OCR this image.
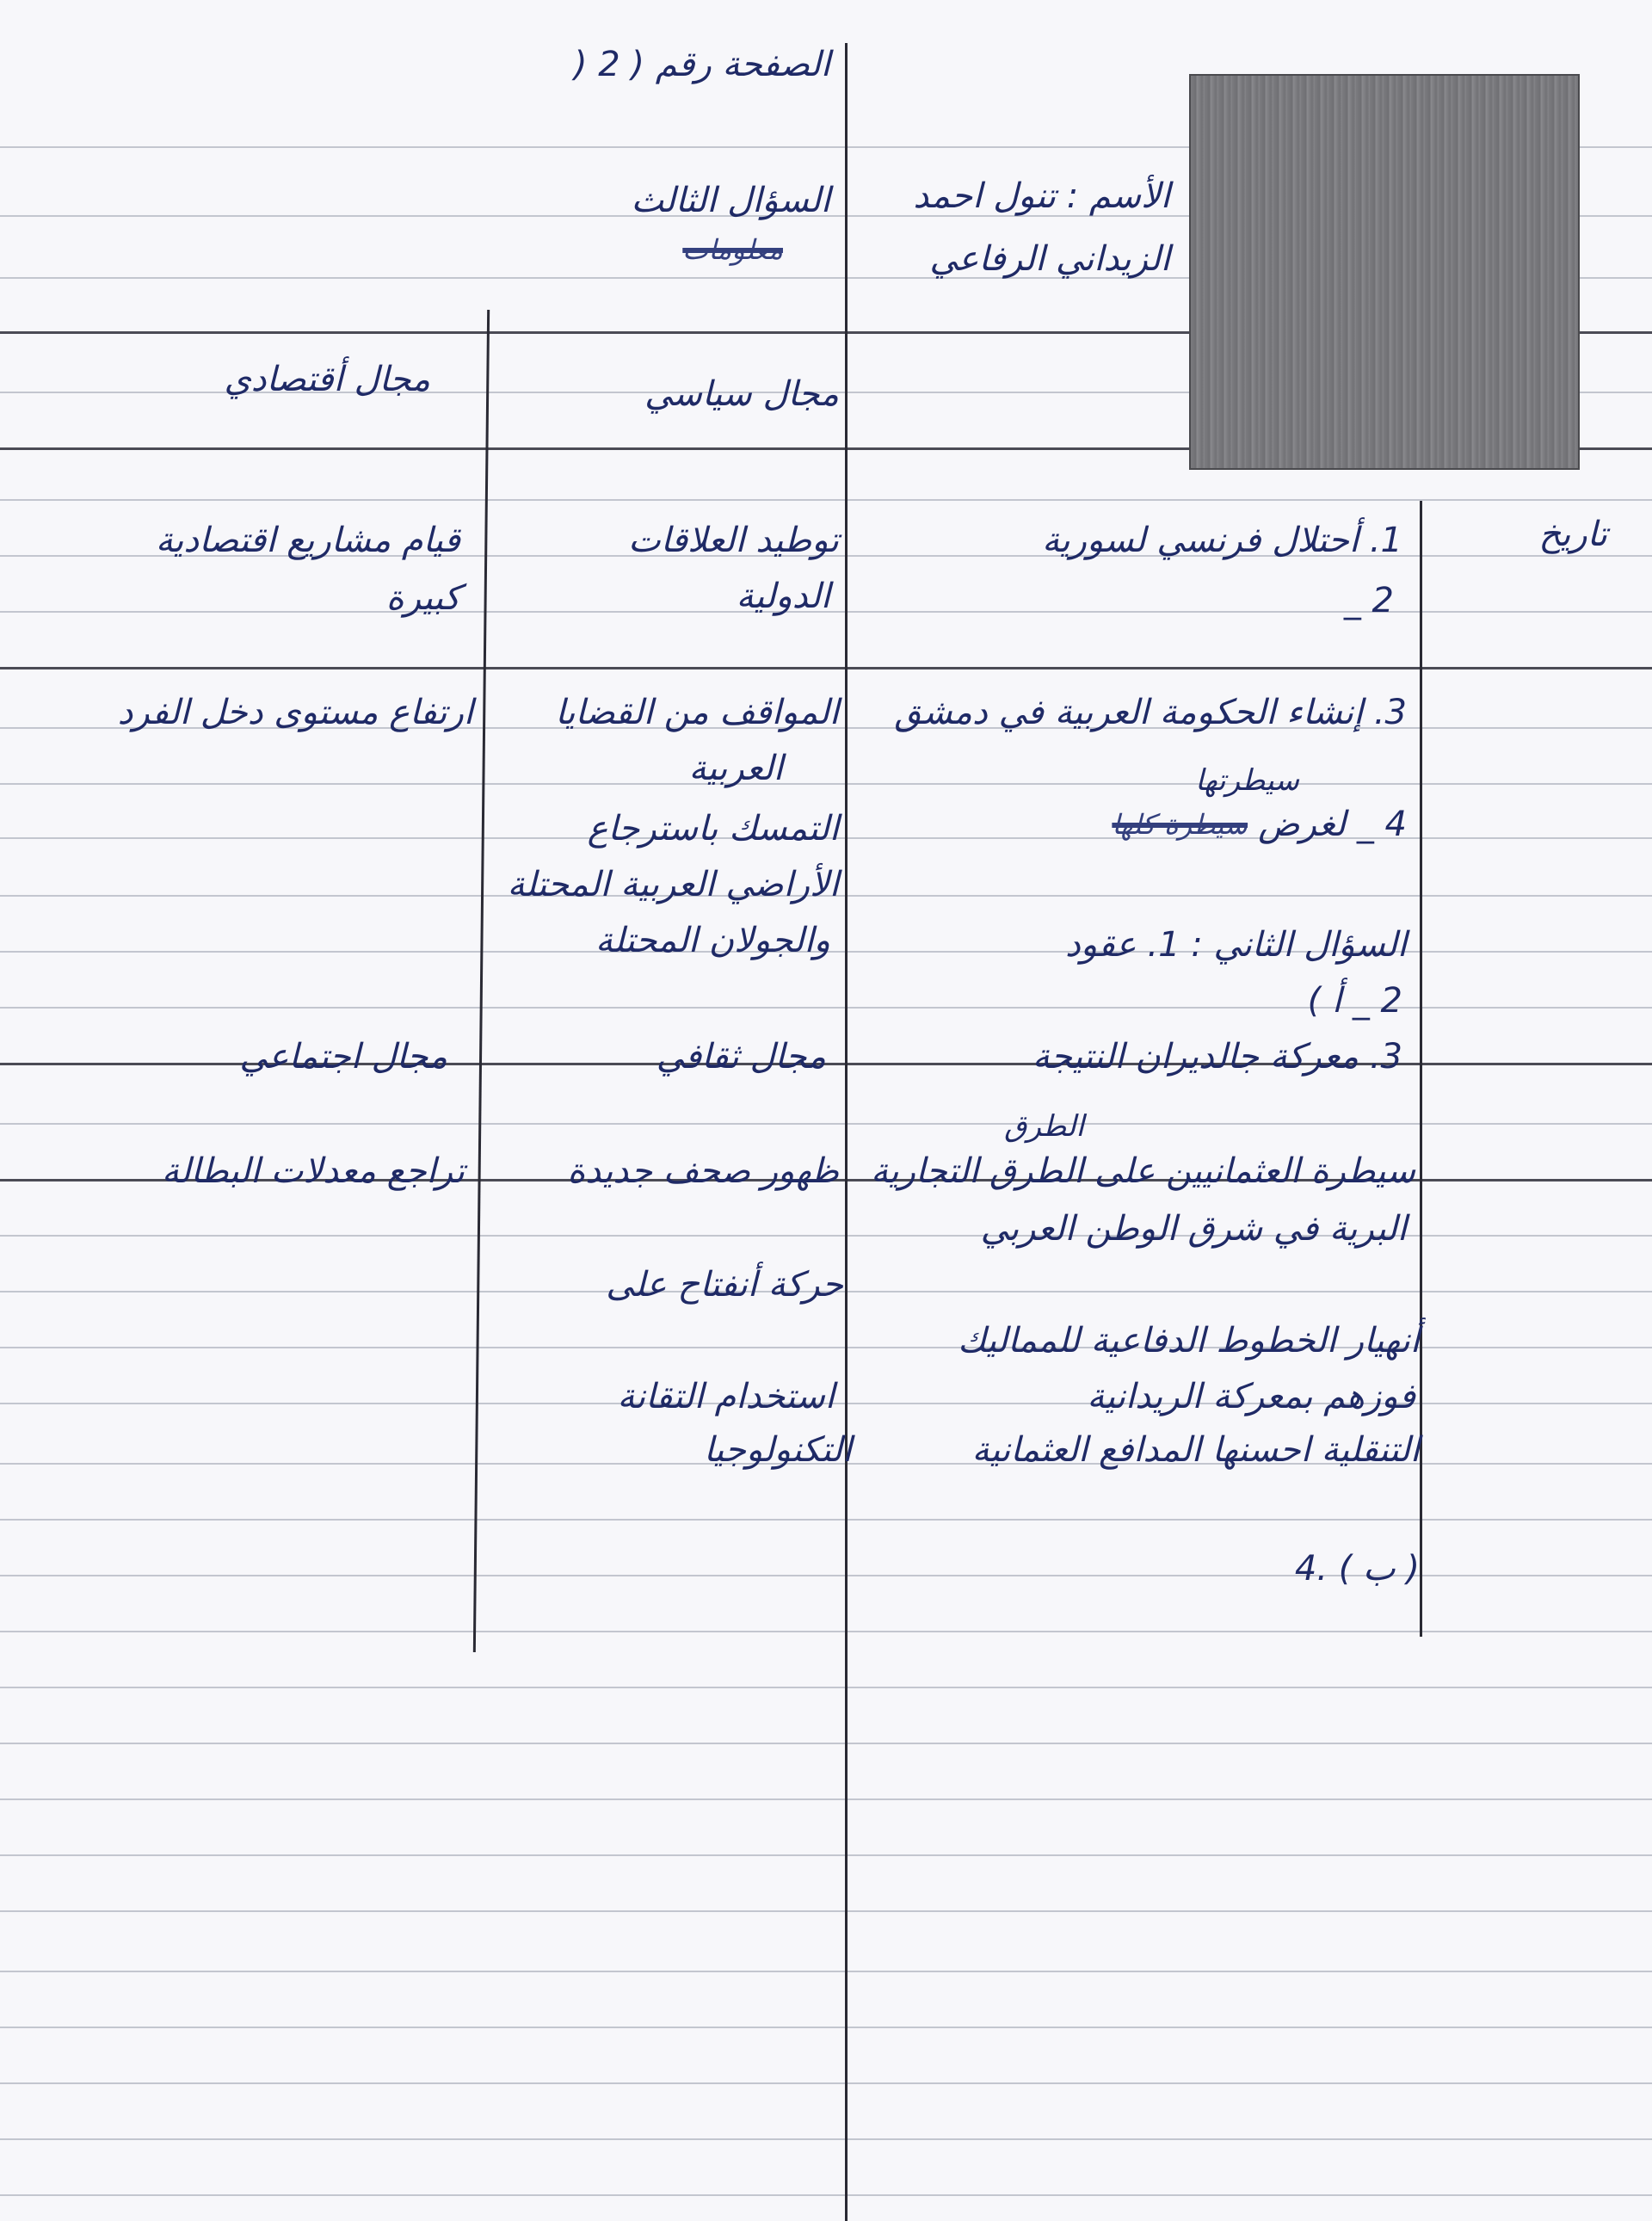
الصفحة رقم ( 2 (
الأسم : تنول احمد
الزيداني الرفاعي
السؤال الثالث
معلومات
تاريخ
1. أحتلال فرنسي لسورية
2 _
3. إنشاء الحكومة العربية في دمشق
سيطرتها
4 _ لغرض
سيطرة كلها
السؤال الثاني : 1. عقود
2 _ أ )
3. معركة جالديران النتيجة
الطرق
سيطرة العثمانيين على الطرق التجارية
البرية في شرق الوطن العربي
أنهيار الخطوط الدفاعية للمماليك
فوزهم بمعركة الريدانية
التنقلية احسنها المدافع العثمانية
( ب ) .4
مجال سياسي
توطيد العلاقات
الدولية
المواقف من القضايا
العربية
التمسك باسترجاع
الأراضي العربية المحتلة
والجولان المحتلة
مجال أقتصادي
قيام مشاريع اقتصادية
كبيرة
ارتفاع مستوى دخل الفرد
مجال ثقافي
ظهور صحف جديدة
حركة أنفتاح على
استخدام التقانة
التكنولوجيا
مجال اجتماعي
تراجع معدلات البطالة
